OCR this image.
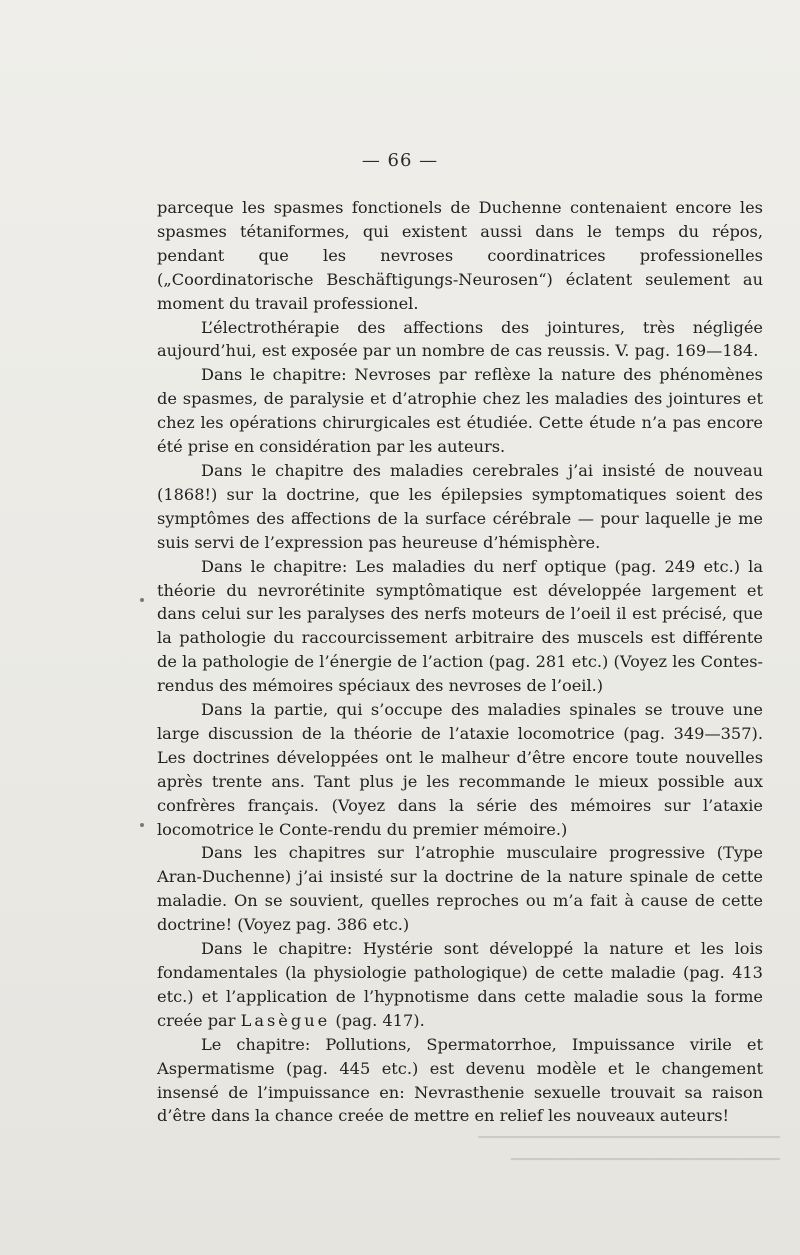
▔▔▔▔▔▔▔▔▔▔▔▔▔▔▔▔▔▔▔▔▔▔▔▔▔
▔▔▔▔▔▔▔▔▔▔▔▔▔▔▔▔▔▔▔▔▔▔▔▔▔▔▔▔
— 66 —

parceque les spasmes fonctionels de Duchenne contenaient encore les spasmes tétaniformes, qui existent aussi dans le temps du répos, pendant que les nevroses coordinatrices professionelles („Coordinatorische Beschäftigungs-Neurosen“) éclatent seulement au moment du travail professionel.

L’électrothérapie des affections des jointures, très négligée aujourd’hui, est exposée par un nombre de cas reussis. V. pag. 169—184.

Dans le chapitre: Nevroses par reflèxe la nature des phénomènes de spasmes, de paralysie et d’atrophie chez les maladies des jointures et chez les opérations chirurgicales est étudiée. Cette étude n’a pas encore été prise en considération par les auteurs.

Dans le chapitre des maladies cerebrales j’ai insisté de nouveau (1868!) sur la doctrine, que les épilepsies symptomatiques soient des symptômes des affections de la surface cérébrale — pour laquelle je me suis servi de l’expression pas heureuse d’hémisphère.

Dans le chapitre: Les maladies du nerf optique (pag. 249 etc.) la théorie du nevrorétinite symptômatique est développée largement et dans celui sur les paralyses des nerfs moteurs de l’oeil il est précisé, que la pathologie du raccourcissement arbitraire des muscels est différente de la pathologie de l’énergie de l’action (pag. 281 etc.) (Voyez les Contes-rendus des mémoires spéciaux des nevroses de l’oeil.)

Dans la partie, qui s’occupe des maladies spinales se trouve une large discussion de la théorie de l’ataxie locomotrice (pag. 349—357). Les doctrines développées ont le malheur d’être encore toute nouvelles après trente ans. Tant plus je les recommande le mieux possible aux confrères français. (Voyez dans la série des mémoires sur l’ataxie locomotrice le Conte-rendu du premier mémoire.)

Dans les chapitres sur l’atrophie musculaire progressive (Type Aran-Duchenne) j’ai insisté sur la doctrine de la nature spinale de cette maladie. On se souvient, quelles reproches ou m’a fait à cause de cette doctrine! (Voyez pag. 386 etc.)

Dans le chapitre: Hystérie sont développé la nature et les lois fondamentales (la physiologie pathologique) de cette maladie (pag. 413 etc.) et l’application de l’hypnotisme dans cette maladie sous la forme creée par Lasègue (pag. 417).

Le chapitre: Pollutions, Spermatorrhoe, Impuissance virile et Aspermatisme (pag. 445 etc.) est devenu modèle et le changement insensé de l’impuissance en: Nevrasthenie sexuelle trouvait sa raison d’être dans la chance creée de mettre en relief les nouveaux auteurs!
